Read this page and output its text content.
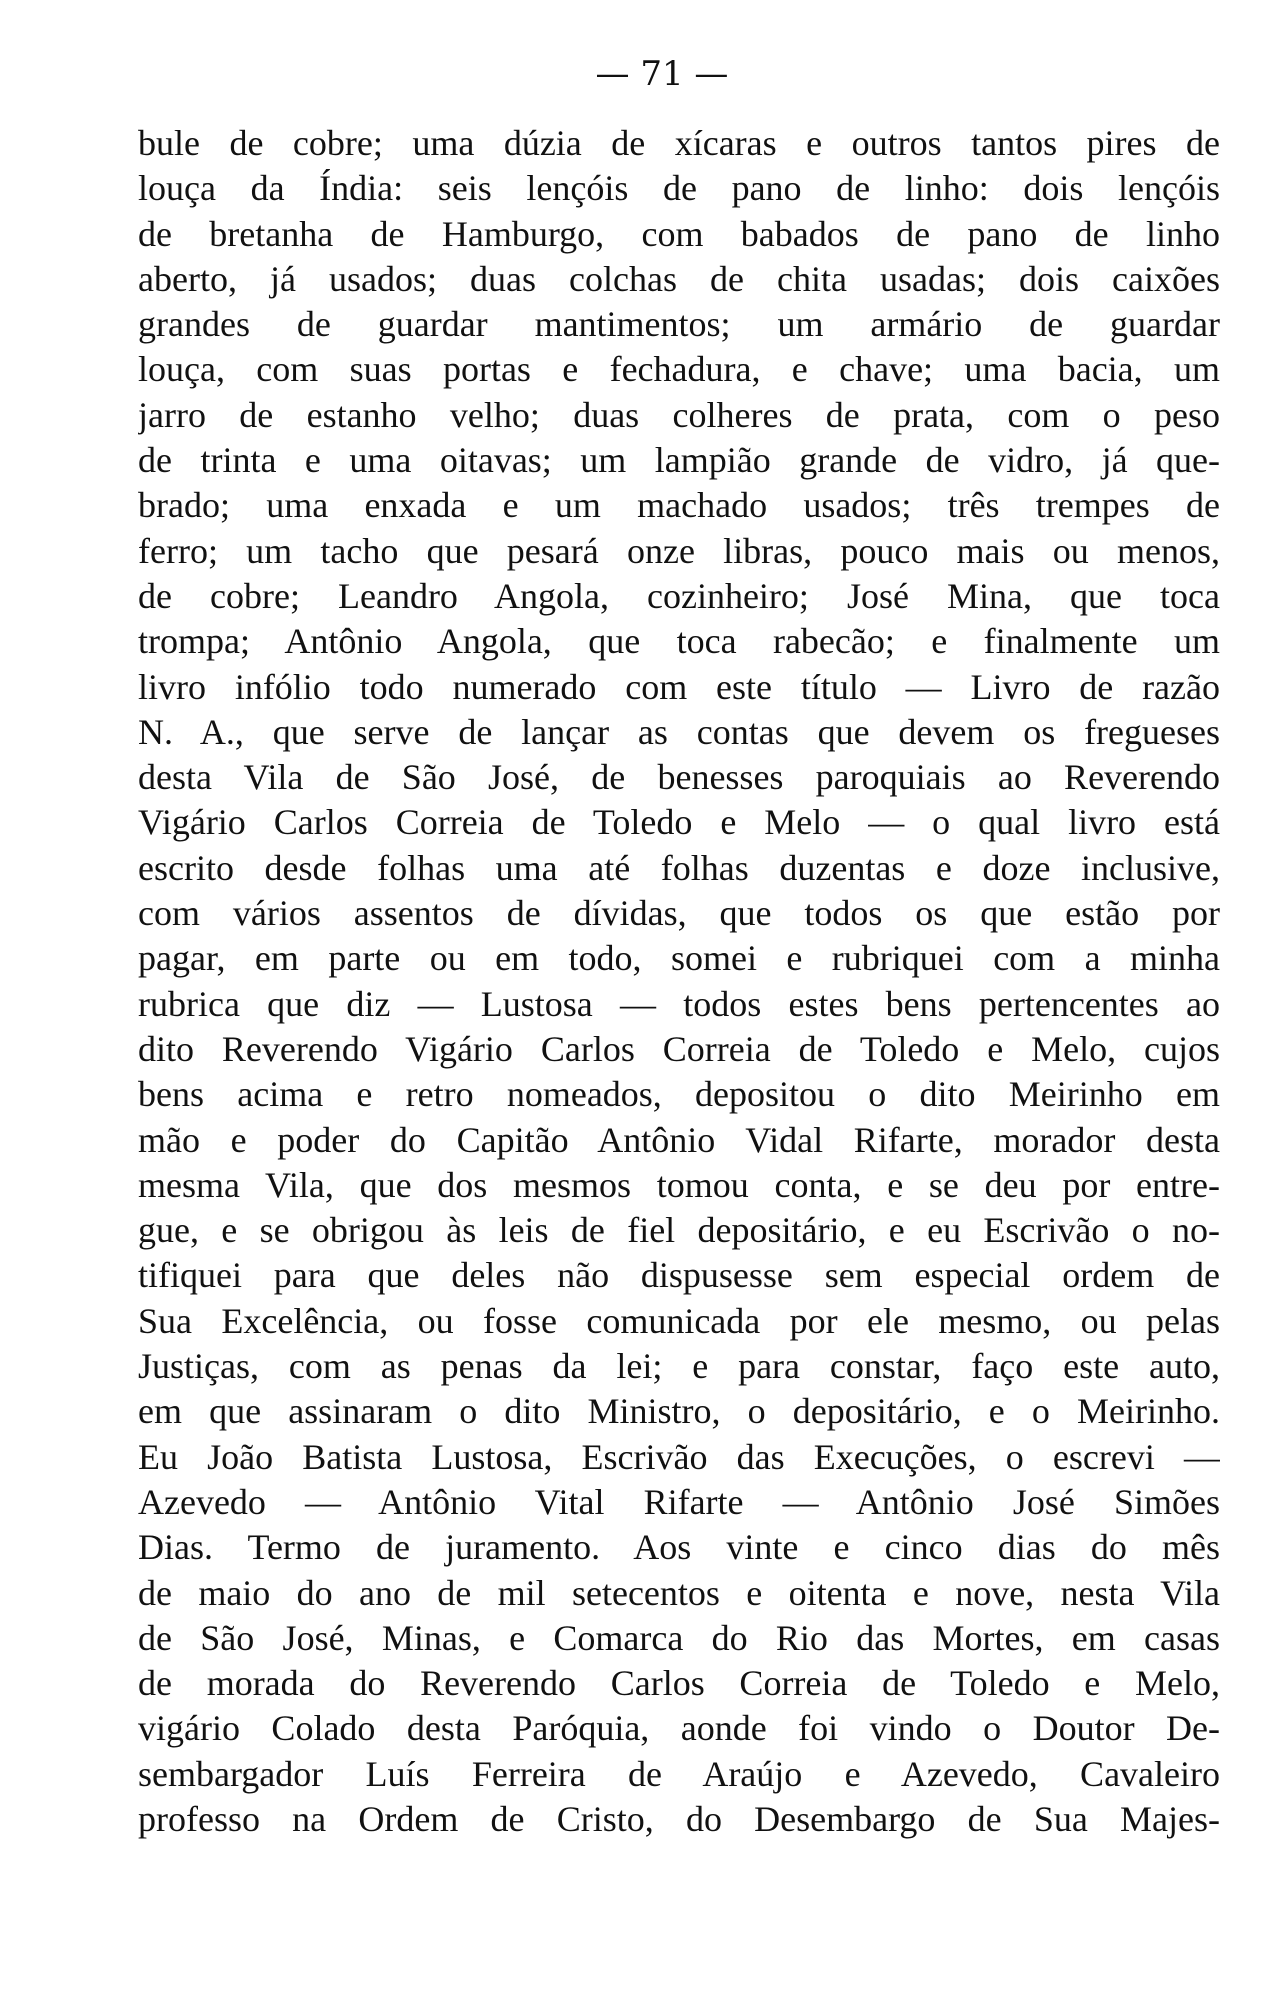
— 71 —
bule de cobre; uma dúzia de xícaras e outros tantos pires de
louça da Índia: seis lençóis de pano de linho: dois lençóis
de bretanha de Hamburgo, com babados de pano de linho
aberto, já usados; duas colchas de chita usadas; dois caixões
grandes de guardar mantimentos; um armário de guardar
louça, com suas portas e fechadura, e chave; uma bacia, um
jarro de estanho velho; duas colheres de prata, com o peso
de trinta e uma oitavas; um lampião grande de vidro, já que-
brado; uma enxada e um machado usados; três trempes de
ferro; um tacho que pesará onze libras, pouco mais ou menos,
de cobre; Leandro Angola, cozinheiro; José Mina, que toca
trompa; Antônio Angola, que toca rabecão; e finalmente um
livro infólio todo numerado com este título — Livro de razão
N. A., que serve de lançar as contas que devem os fregueses
desta Vila de São José, de benesses paroquiais ao Reverendo
Vigário Carlos Correia de Toledo e Melo — o qual livro está
escrito desde folhas uma até folhas duzentas e doze inclusive,
com vários assentos de dívidas, que todos os que estão por
pagar, em parte ou em todo, somei e rubriquei com a minha
rubrica que diz — Lustosa — todos estes bens pertencentes ao
dito Reverendo Vigário Carlos Correia de Toledo e Melo, cujos
bens acima e retro nomeados, depositou o dito Meirinho em
mão e poder do Capitão Antônio Vidal Rifarte, morador desta
mesma Vila, que dos mesmos tomou conta, e se deu por entre-
gue, e se obrigou às leis de fiel depositário, e eu Escrivão o no-
tifiquei para que deles não dispusesse sem especial ordem de
Sua Excelência, ou fosse comunicada por ele mesmo, ou pelas
Justiças, com as penas da lei; e para constar, faço este auto,
em que assinaram o dito Ministro, o depositário, e o Meirinho.
Eu João Batista Lustosa, Escrivão das Execuções, o escrevi —
Azevedo — Antônio Vital Rifarte — Antônio José Simões
Dias. Termo de juramento. Aos vinte e cinco dias do mês
de maio do ano de mil setecentos e oitenta e nove, nesta Vila
de São José, Minas, e Comarca do Rio das Mortes, em casas
de morada do Reverendo Carlos Correia de Toledo e Melo,
vigário Colado desta Paróquia, aonde foi vindo o Doutor De-
sembargador Luís Ferreira de Araújo e Azevedo, Cavaleiro
professo na Ordem de Cristo, do Desembargo de Sua Majes-
